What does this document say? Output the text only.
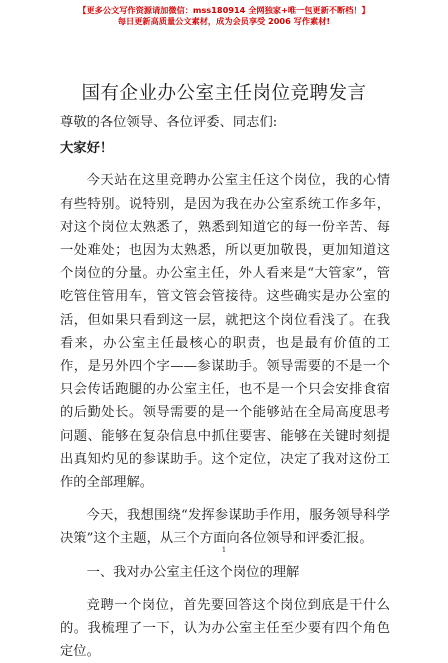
【更多公文写作资源请加微信：mss180914 全网独家+唯一包更新不断档！】
每日更新高质量公文素材，成为会员享受 2006 写作素材!
国有企业办公室主任岗位竞聘发言

尊敬的各位领导、各位评委、同志们:

大家好！

今天站在这里竞聘办公室主任这个岗位，我的心情有些特别。说特别，是因为我在办公室系统工作多年，对这个岗位太熟悉了，熟悉到知道它的每一份辛苦、每一处难处；也因为太熟悉，所以更加敬畏，更加知道这个岗位的分量。办公室主任，外人看来是“大管家”，管吃管住管用车，管文管会管接待。这些确实是办公室的活，但如果只看到这一层，就把这个岗位看浅了。在我看来，办公室主任最核心的职责，也是最有价值的工作，是另外四个字——参谋助手。领导需要的不是一个只会传话跑腿的办公室主任，也不是一个只会安排食宿的后勤处长。领导需要的是一个能够站在全局高度思考问题、能够在复杂信息中抓住要害、能够在关键时刻提出真知灼见的参谋助手。这个定位，决定了我对这份工作的全部理解。

今天，我想围绕“发挥参谋助手作用，服务领导科学决策”这个主题，从三个方面向各位领导和评委汇报。

一、我对办公室主任这个岗位的理解

竞聘一个岗位，首先要回答这个岗位到底是干什么的。我梳理了一下，认为办公室主任至少要有四个角色定位。

1
